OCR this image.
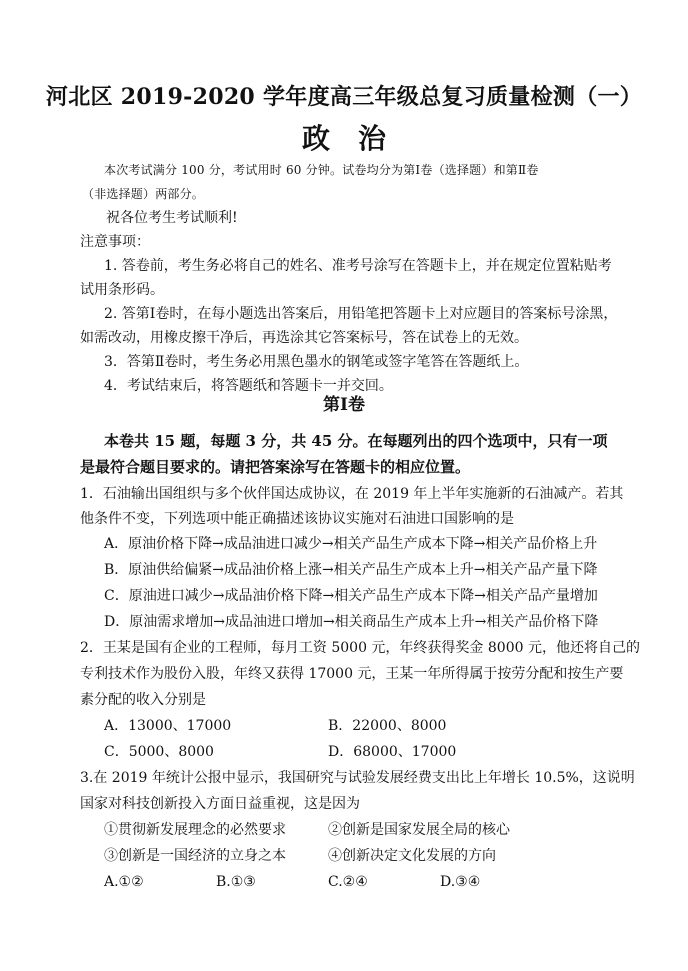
河北区 2019-2020 学年度高三年级总复习质量检测（一）
政　治
本次考试满分 100 分，考试用时 60 分钟。试卷均分为第Ⅰ卷（选择题）和第Ⅱ卷
（非选择题）两部分。
祝各位考生考试顺利!
注意事项：
1. 答卷前，考生务必将自己的姓名、准考号涂写在答题卡上，并在规定位置粘贴考
试用条形码。
2. 答第Ⅰ卷时，在每小题选出答案后，用铅笔把答题卡上对应题目的答案标号涂黑，
如需改动，用橡皮擦干净后，再选涂其它答案标号，答在试卷上的无效。
3．答第Ⅱ卷时，考生务必用黑色墨水的钢笔或签字笔答在答题纸上。
4．考试结束后，将答题纸和答题卡一并交回。
第Ⅰ卷
本卷共 15 题，每题 3 分，共 45 分。在每题列出的四个选项中，只有一项
是最符合题目要求的。请把答案涂写在答题卡的相应位置。
1．石油输出国组织与多个伙伴国达成协议，在 2019 年上半年实施新的石油减产。若其
他条件不变，下列选项中能正确描述该协议实施对石油进口国影响的是
A．原油价格下降→成品油进口减少→相关产品生产成本下降→相关产品价格上升
B．原油供给偏紧→成品油价格上涨→相关产品生产成本上升→相关产品产量下降
C．原油进口减少→成品油价格下降→相关产品生产成本下降→相关产品产量增加
D．原油需求增加→成品油进口增加→相关商品生产成本上升→相关产品价格下降
2．王某是国有企业的工程师，每月工资 5000 元，年终获得奖金 8000 元，他还将自己的
专利技术作为股份入股，年终又获得 17000 元，王某一年所得属于按劳分配和按生产要
素分配的收入分别是
A．13000、17000	B．22000、8000
C．5000、8000	D．68000、17000
3.在 2019 年统计公报中显示，我国研究与试验发展经费支出比上年增长 10.5%，这说明
国家对科技创新投入方面日益重视，这是因为
①贯彻新发展理念的必然要求	②创新是国家发展全局的核心
③创新是一国经济的立身之本	④创新决定文化发展的方向
A.①②	B.①③	C.②④	D.③④
